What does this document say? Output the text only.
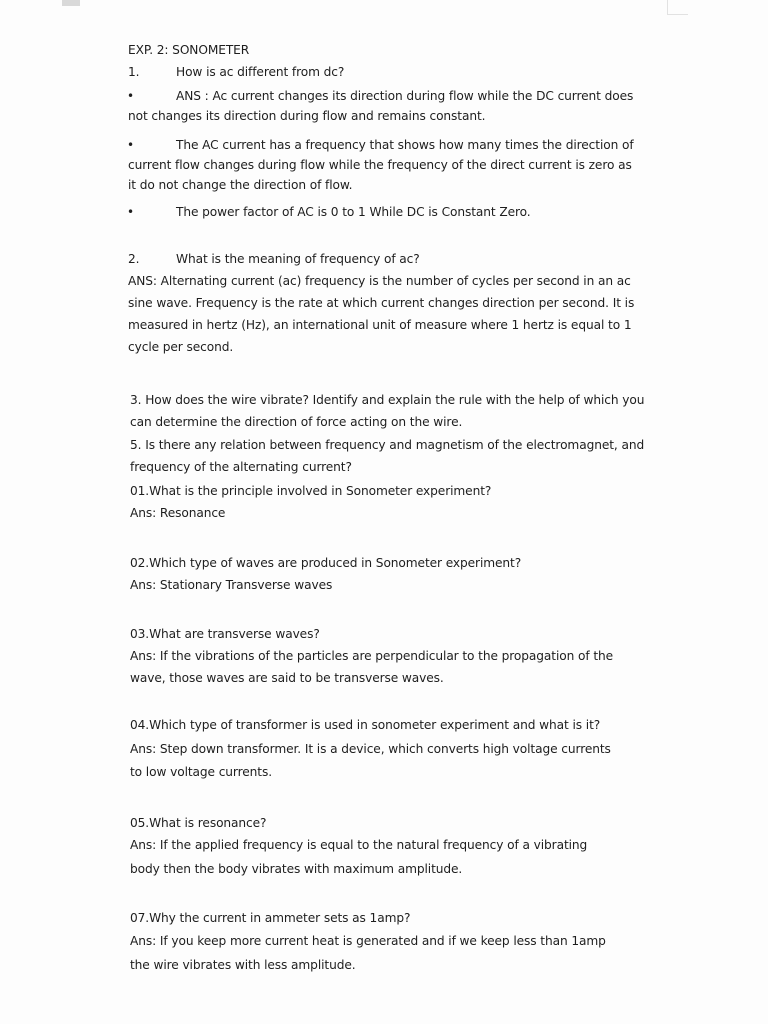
EXP. 2: SONOMETER
1.	How is ac different from dc?
•	ANS : Ac current changes its direction during flow while the DC current does
not changes its direction during flow and remains constant.
•	The AC current has a frequency that shows how many times the direction of
current flow changes during flow while the frequency of the direct current is zero as
it do not change the direction of flow.
•	The power factor of AC is 0 to 1 While DC is Constant Zero.
2.	What is the meaning of frequency of ac?
ANS: Alternating current (ac) frequency is the number of cycles per second in an ac
sine wave. Frequency is the rate at which current changes direction per second. It is
measured in hertz (Hz), an international unit of measure where 1 hertz is equal to 1
cycle per second.
3. How does the wire vibrate? Identify and explain the rule with the help of which you
can determine the direction of force acting on the wire.
5. Is there any relation between frequency and magnetism of the electromagnet, and
frequency of the alternating current?
01.What is the principle involved in Sonometer experiment?
Ans: Resonance
02.Which type of waves are produced in Sonometer experiment?
Ans: Stationary Transverse waves
03.What are transverse waves?
Ans: If the vibrations of the particles are perpendicular to the propagation of the
wave, those waves are said to be transverse waves.
04.Which type of transformer is used in sonometer experiment and what is it?
Ans: Step down transformer. It is a device, which converts high voltage currents
to low voltage currents.
05.What is resonance?
Ans: If the applied frequency is equal to the natural frequency of a vibrating
body then the body vibrates with maximum amplitude.
07.Why the current in ammeter sets as 1amp?
Ans: If you keep more current heat is generated and if we keep less than 1amp
the wire vibrates with less amplitude.
